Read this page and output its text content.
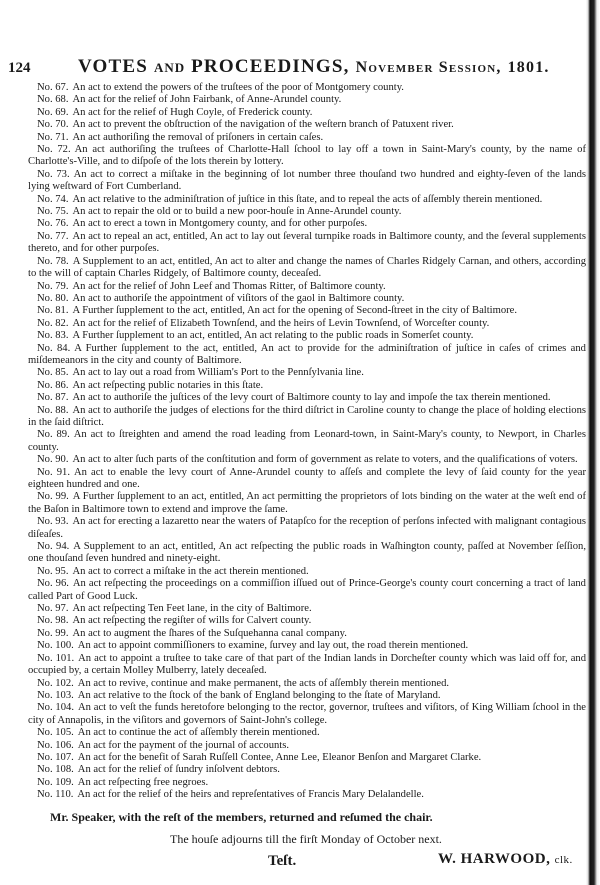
124	VOTES AND PROCEEDINGS, November Session, 1801.

No. 67. An act to extend the powers of the truſtees of the poor of Montgomery county.

No. 68. An act for the relief of John Fairbank, of Anne-Arundel county.

No. 69. An act for the relief of Hugh Coyle, of Frederick county.

No. 70. An act to prevent the obſtruction of the navigation of the weſtern branch of Patuxent river.

No. 71. An act authoriſing the removal of priſoners in certain caſes.

No. 72. An act authoriſing the truſtees of Charlotte-Hall ſchool to lay off a town in Saint-Mary's county, by the name of Charlotte's-Ville, and to diſpoſe of the lots therein by lottery.

No. 73. An act to correct a miſtake in the beginning of lot number three thouſand two hundred and eighty-ſeven of the lands lying weſtward of Fort Cumberland.

No. 74. An act relative to the adminiſtration of juſtice in this ſtate, and to repeal the acts of aſſembly therein mentioned.

No. 75. An act to repair the old or to build a new poor-houſe in Anne-Arundel county.

No. 76. An act to erect a town in Montgomery county, and for other purpoſes.

No. 77. An act to repeal an act, entitled, An act to lay out ſeveral turnpike roads in Baltimore county, and the ſeveral supplements thereto, and for other purpoſes.

No. 78. A Supplement to an act, entitled, An act to alter and change the names of Charles Ridgely Carnan, and others, according to the will of captain Charles Ridgely, of Baltimore county, deceaſed.

No. 79. An act for the relief of John Leef and Thomas Ritter, of Baltimore county.

No. 80. An act to authoriſe the appointment of viſitors of the gaol in Baltimore county.

No. 81. A Further ſupplement to the act, entitled, An act for the opening of Second-ſtreet in the city of Baltimore.

No. 82. An act for the relief of Elizabeth Townſend, and the heirs of Levin Townſend, of Worceſter county.

No. 83. A Further ſupplement to an act, entitled, An act relating to the public roads in Somerſet county.

No. 84. A Further ſupplement to the act, entitled, An act to provide for the adminiſtration of juſtice in caſes of crimes and miſdemeanors in the city and county of Baltimore.

No. 85. An act to lay out a road from William's Port to the Pennſylvania line.

No. 86. An act reſpecting public notaries in this ſtate.

No. 87. An act to authoriſe the juſtices of the levy court of Baltimore county to lay and impoſe the tax therein mentioned.

No. 88. An act to authoriſe the judges of elections for the third diſtrict in Caroline county to change the place of holding elections in the ſaid diſtrict.

No. 89. An act to ſtreighten and amend the road leading from Leonard-town, in Saint-Mary's county, to Newport, in Charles county.

No. 90. An act to alter ſuch parts of the conſtitution and form of government as relate to voters, and the qualifications of voters.

No. 91. An act to enable the levy court of Anne-Arundel county to aſſeſs and complete the levy of ſaid county for the year eighteen hundred and one.

No. 99. A Further ſupplement to an act, entitled, An act permitting the proprietors of lots binding on the water at the weſt end of the Baſon in Baltimore town to extend and improve the ſame.

No. 93. An act for erecting a lazaretto near the waters of Patapſco for the reception of perſons infected with malignant contagious diſeaſes.

No. 94. A Supplement to an act, entitled, An act reſpecting the public roads in Waſhington county, paſſed at November ſeſſion, one thouſand ſeven hundred and ninety-eight.

No. 95. An act to correct a miſtake in the act therein mentioned.

No. 96. An act reſpecting the proceedings on a commiſſion iſſued out of Prince-George's county court concerning a tract of land called Part of Good Luck.

No. 97. An act reſpecting Ten Feet lane, in the city of Baltimore.

No. 98. An act reſpecting the regiſter of wills for Calvert county.

No. 99. An act to augment the ſhares of the Suſquehanna canal company.

No. 100. An act to appoint commiſſioners to examine, ſurvey and lay out, the road therein mentioned.

No. 101. An act to appoint a truſtee to take care of that part of the Indian lands in Dorcheſter county which was laid off for, and occupied by, a certain Molley Mulberry, lately deceaſed.

No. 102. An act to revive, continue and make permanent, the acts of aſſembly therein mentioned.

No. 103. An act relative to the ſtock of the bank of England belonging to the ſtate of Maryland.

No. 104. An act to veſt the funds heretofore belonging to the rector, governor, truſtees and viſitors, of King William ſchool in the city of Annapolis, in the viſitors and governors of Saint-John's college.

No. 105. An act to continue the act of aſſembly therein mentioned.

No. 106. An act for the payment of the journal of accounts.

No. 107. An act for the benefit of Sarah Ruſſell Contee, Anne Lee, Eleanor Benſon and Margaret Clarke.

No. 108. An act for the relief of ſundry inſolvent debtors.

No. 109. An act reſpecting free negroes.

No. 110. An act for the relief of the heirs and repreſentatives of Francis Mary Delalandelle.

Mr. Speaker, with the reſt of the members, returned and reſumed the chair.
The houſe adjourns till the firſt Monday of October next.
Teſt.	W. HARWOOD, clk.
